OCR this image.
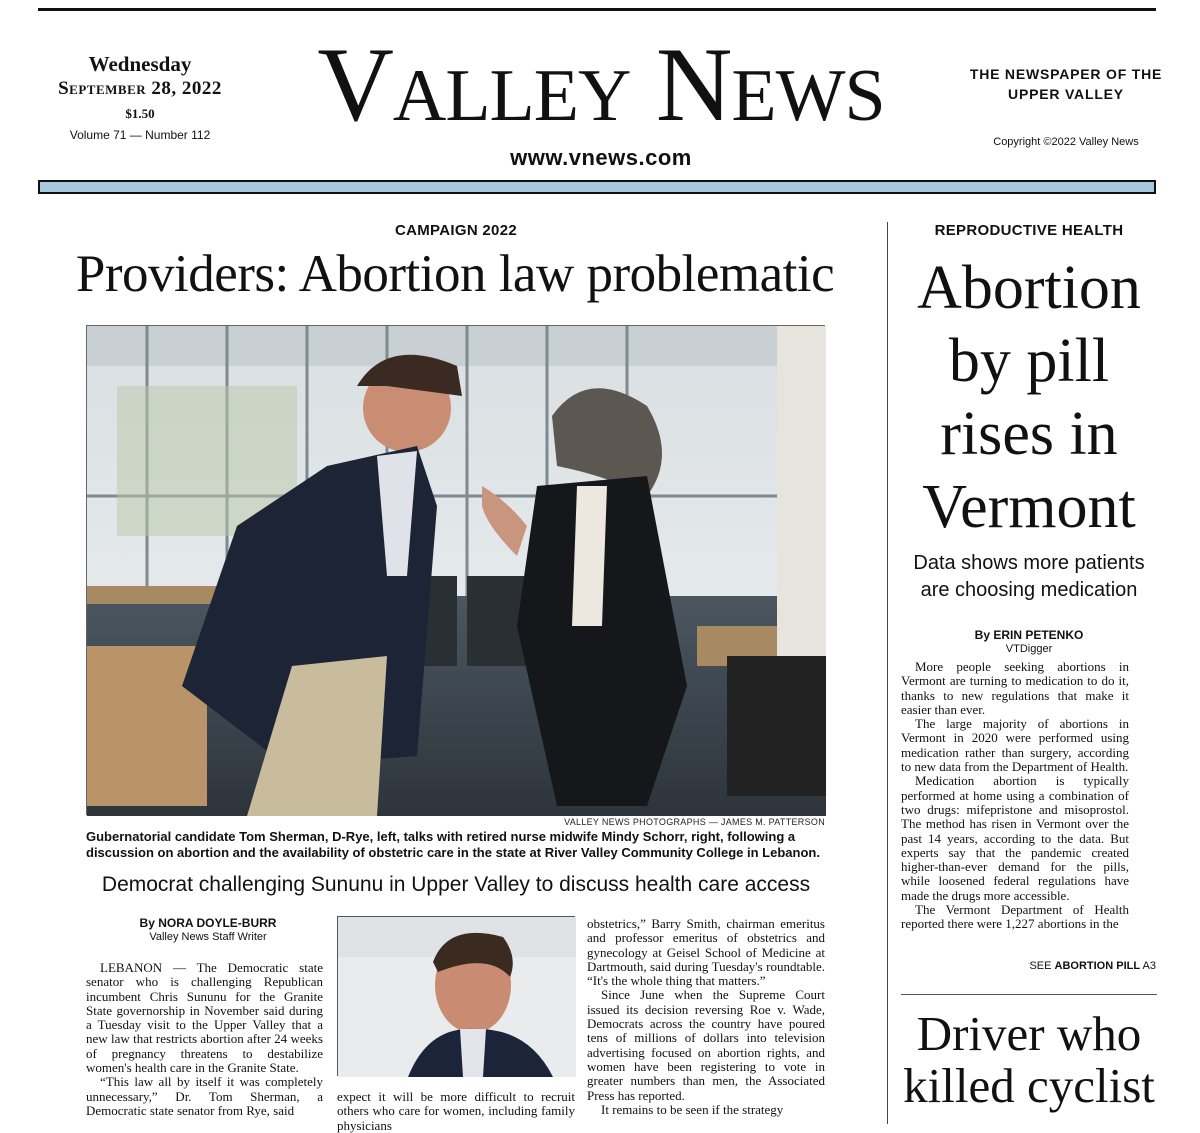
Wednesday
September 28, 2022
$1.50
Volume 71 — Number 112	Valley News
www.vnews.com
THE NEWSPAPER OF THE UPPER VALLEY
Copyright ©2022 Valley News
CAMPAIGN 2022
Providers: Abortion law problematic
VALLEY NEWS PHOTOGRAPHS — JAMES M. PATTERSON
Gubernatorial candidate Tom Sherman, D-Rye, left, talks with retired nurse midwife Mindy Schorr, right, following a discussion on abortion and the availability of obstetric care in the state at River Valley Community College in Lebanon.
Democrat challenging Sununu in Upper Valley to discuss health care access
By NORA DOYLE-BURR
Valley News Staff Writer

LEBANON — The Democratic state senator who is challenging Republican incumbent Chris Sununu for the Granite State governorship in November said during a Tuesday visit to the Upper Valley that a new law that restricts abortion after 24 weeks of pregnancy threatens to destabilize women's health care in the Granite State.

“This law all by itself it was completely unnecessary,” Dr. Tom Sherman, a Democratic state senator from Rye, said

expect it will be more difficult to recruit others who care for women, including family physicians

obstetrics,” Barry Smith, chairman emeritus and professor emeritus of obstetrics and gynecology at Geisel School of Medicine at Dartmouth, said during Tuesday's roundtable. “It's the whole thing that matters.”

Since June when the Supreme Court issued its decision reversing Roe v. Wade, Democrats across the country have poured tens of millions of dollars into television advertising focused on abortion rights, and women have been registering to vote in greater numbers than men, the Associated Press has reported.

It remains to be seen if the strategy

REPRODUCTIVE HEALTH
Abortion by pill rises in Vermont
Data shows more patients are choosing medication
By ERIN PETENKO
VTDigger

More people seeking abortions in Vermont are turning to medication to do it, thanks to new regulations that make it easier than ever.

The large majority of abortions in Vermont in 2020 were performed using medication rather than surgery, according to new data from the Department of Health.

Medication abortion is typically performed at home using a combination of two drugs: mifepristone and misoprostol. The method has risen in Vermont over the past 14 years, according to the data. But experts say that the pandemic created higher-than-ever demand for the pills, while loosened federal regulations have made the drugs more accessible.

The Vermont Department of Health reported there were 1,227 abortions in the

SEE ABORTION PILL A3
Driver who killed cyclist
